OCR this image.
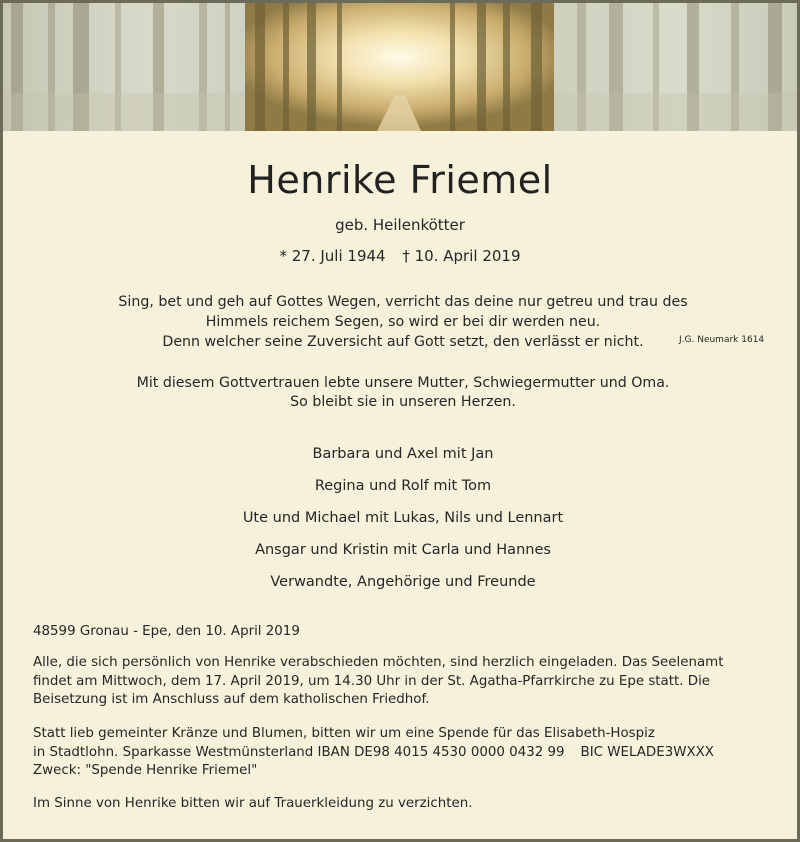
Henrike Friemel
geb. Heilenkötter
* 27. Juli 1944 † 10. April 2019
Sing, bet und geh auf Gottes Wegen, verricht das deine nur getreu und trau des
Himmels reichem Segen, so wird er bei dir werden neu.
Denn welcher seine Zuversicht auf Gott setzt, den verlässt er nicht.	J.G. Neumark 1614
Mit diesem Gottvertrauen lebte unsere Mutter, Schwiegermutter und Oma.
So bleibt sie in unseren Herzen.
Barbara und Axel mit Jan
Regina und Rolf mit Tom
Ute und Michael mit Lukas, Nils und Lennart
Ansgar und Kristin mit Carla und Hannes
Verwandte, Angehörige und Freunde
48599 Gronau - Epe, den 10. April 2019
Alle, die sich persönlich von Henrike verabschieden möchten, sind herzlich eingeladen. Das Seelenamt
findet am Mittwoch, dem 17. April 2019, um 14.30 Uhr in der St. Agatha-Pfarrkirche zu Epe statt. Die
Beisetzung ist im Anschluss auf dem katholischen Friedhof.
Statt lieb gemeinter Kränze und Blumen, bitten wir um eine Spende für das Elisabeth-Hospiz
in Stadtlohn. Sparkasse Westmünsterland IBAN DE98 4015 4530 0000 0432 99 BIC WELADE3WXXX
Zweck: "Spende Henrike Friemel"
Im Sinne von Henrike bitten wir auf Trauerkleidung zu verzichten.
